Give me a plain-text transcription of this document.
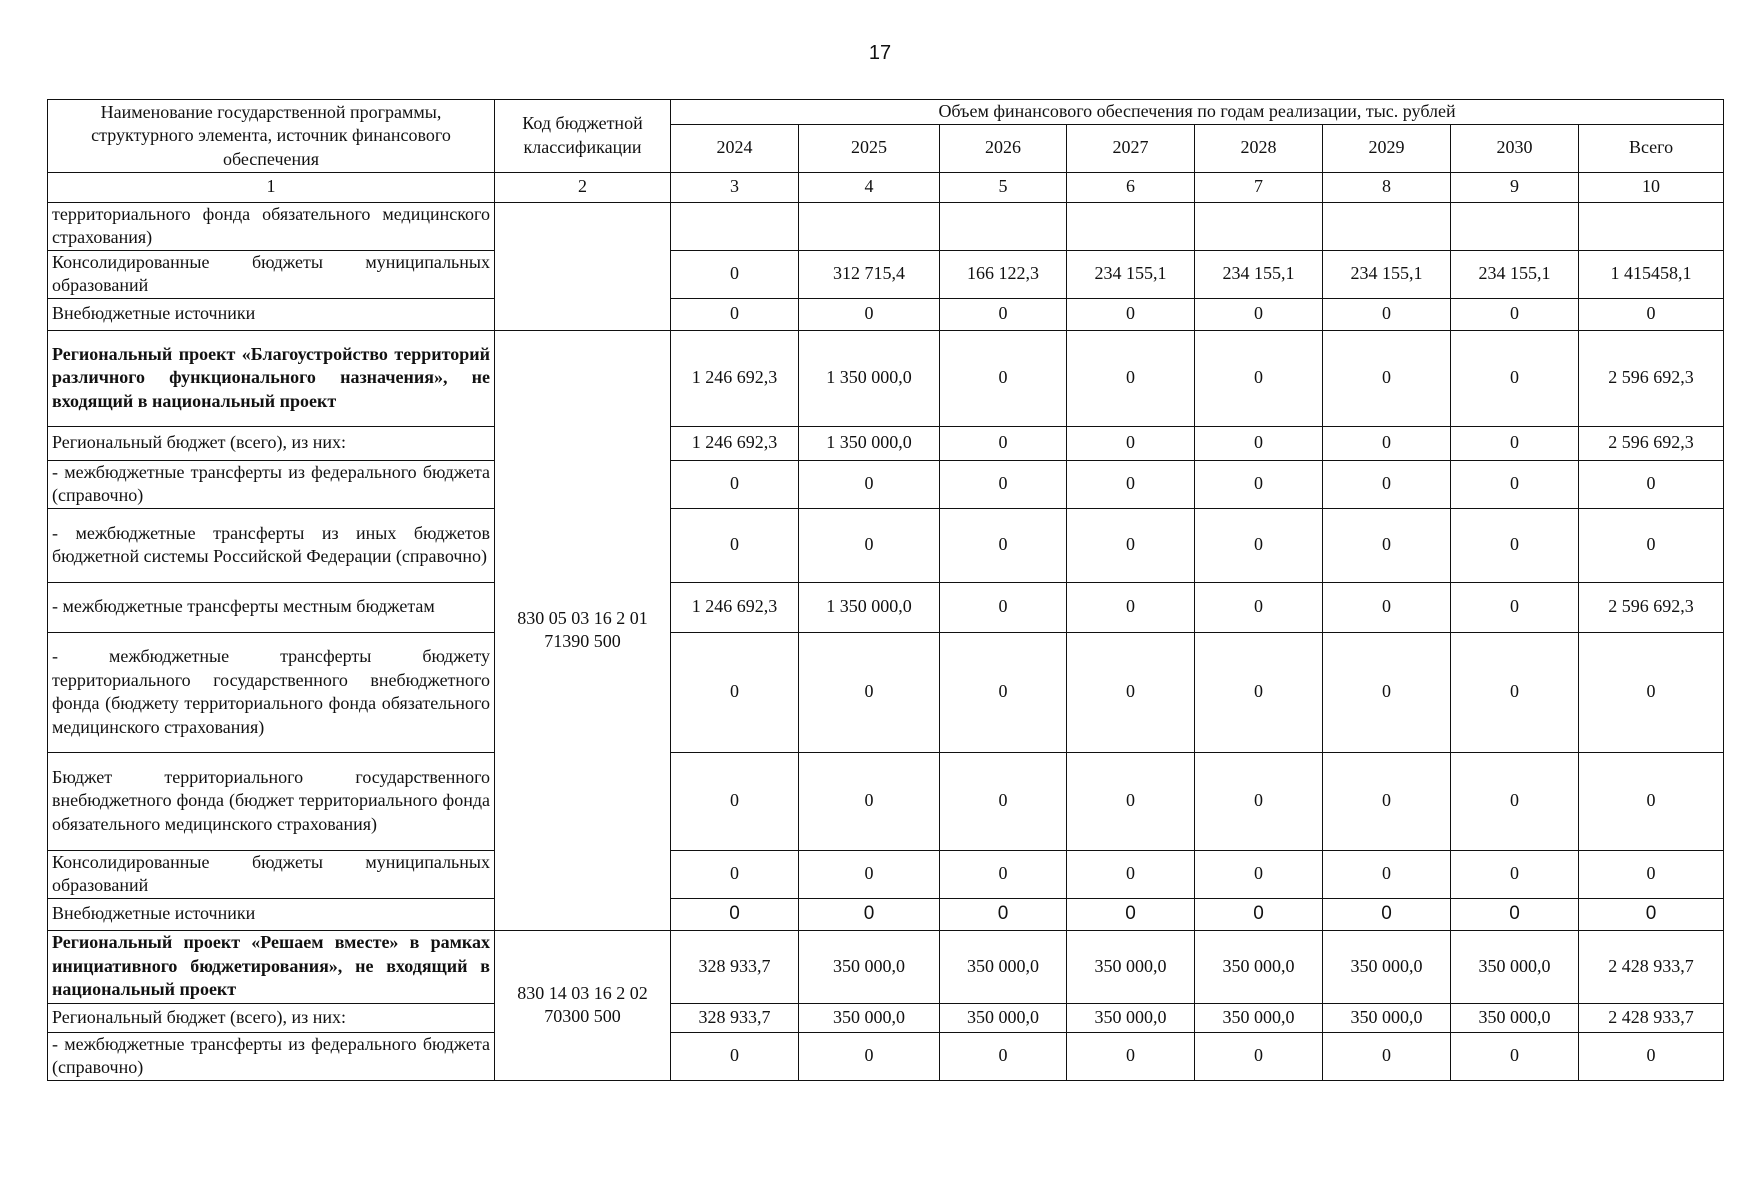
17
Наименование государственной программы, структурного элемента, источник финансового обеспечения	Код бюджетной классификации	Объем финансового обеспечения по годам реализации, тыс. рублей							
		2024	2025	2026	2027	2028	2029	2030	Всего
1	2	3	4	5	6	7	8	9	10
территориального фонда обязательного медицинского страхования)									
Консолидированные бюджеты муниципальных образований		0	312 715,4	166 122,3	234 155,1	234 155,1	234 155,1	234 155,1	1 415458,1
Внебюджетные источники		0	0	0	0	0	0	0	0
Региональный проект «Благоустройство территорий различного функционального назначения», не входящий в национальный проект	830 05 03 16 2 01 71390 500	1 246 692,3	1 350 000,0	0	0	0	0	0	2 596 692,3
Региональный бюджет (всего), из них:		1 246 692,3	1 350 000,0	0	0	0	0	0	2 596 692,3
- межбюджетные трансферты из федерального бюджета (справочно)		0	0	0	0	0	0	0	0
- межбюджетные трансферты из иных бюджетов бюджетной системы Российской Федерации (справочно)		0	0	0	0	0	0	0	0
- межбюджетные трансферты местным бюджетам		1 246 692,3	1 350 000,0	0	0	0	0	0	2 596 692,3
- межбюджетные трансферты бюджету территориального государственного внебюджетного фонда (бюджету территориального фонда обязательного медицинского страхования)		0	0	0	0	0	0	0	0
Бюджет территориального государственного внебюджетного фонда (бюджет территориального фонда обязательного медицинского страхования)		0	0	0	0	0	0	0	0
Консолидированные бюджеты муниципальных образований		0	0	0	0	0	0	0	0
Внебюджетные источники		0	0	0	0	0	0	0	0
Региональный проект «Решаем вместе» в рамках инициативного бюджетирования», не входящий в национальный проект	830 14 03 16 2 02 70300 500	328 933,7	350 000,0	350 000,0	350 000,0	350 000,0	350 000,0	350 000,0	2 428 933,7
Региональный бюджет (всего), из них:		328 933,7	350 000,0	350 000,0	350 000,0	350 000,0	350 000,0	350 000,0	2 428 933,7
- межбюджетные трансферты из федерального бюджета (справочно)		0	0	0	0	0	0	0	0
